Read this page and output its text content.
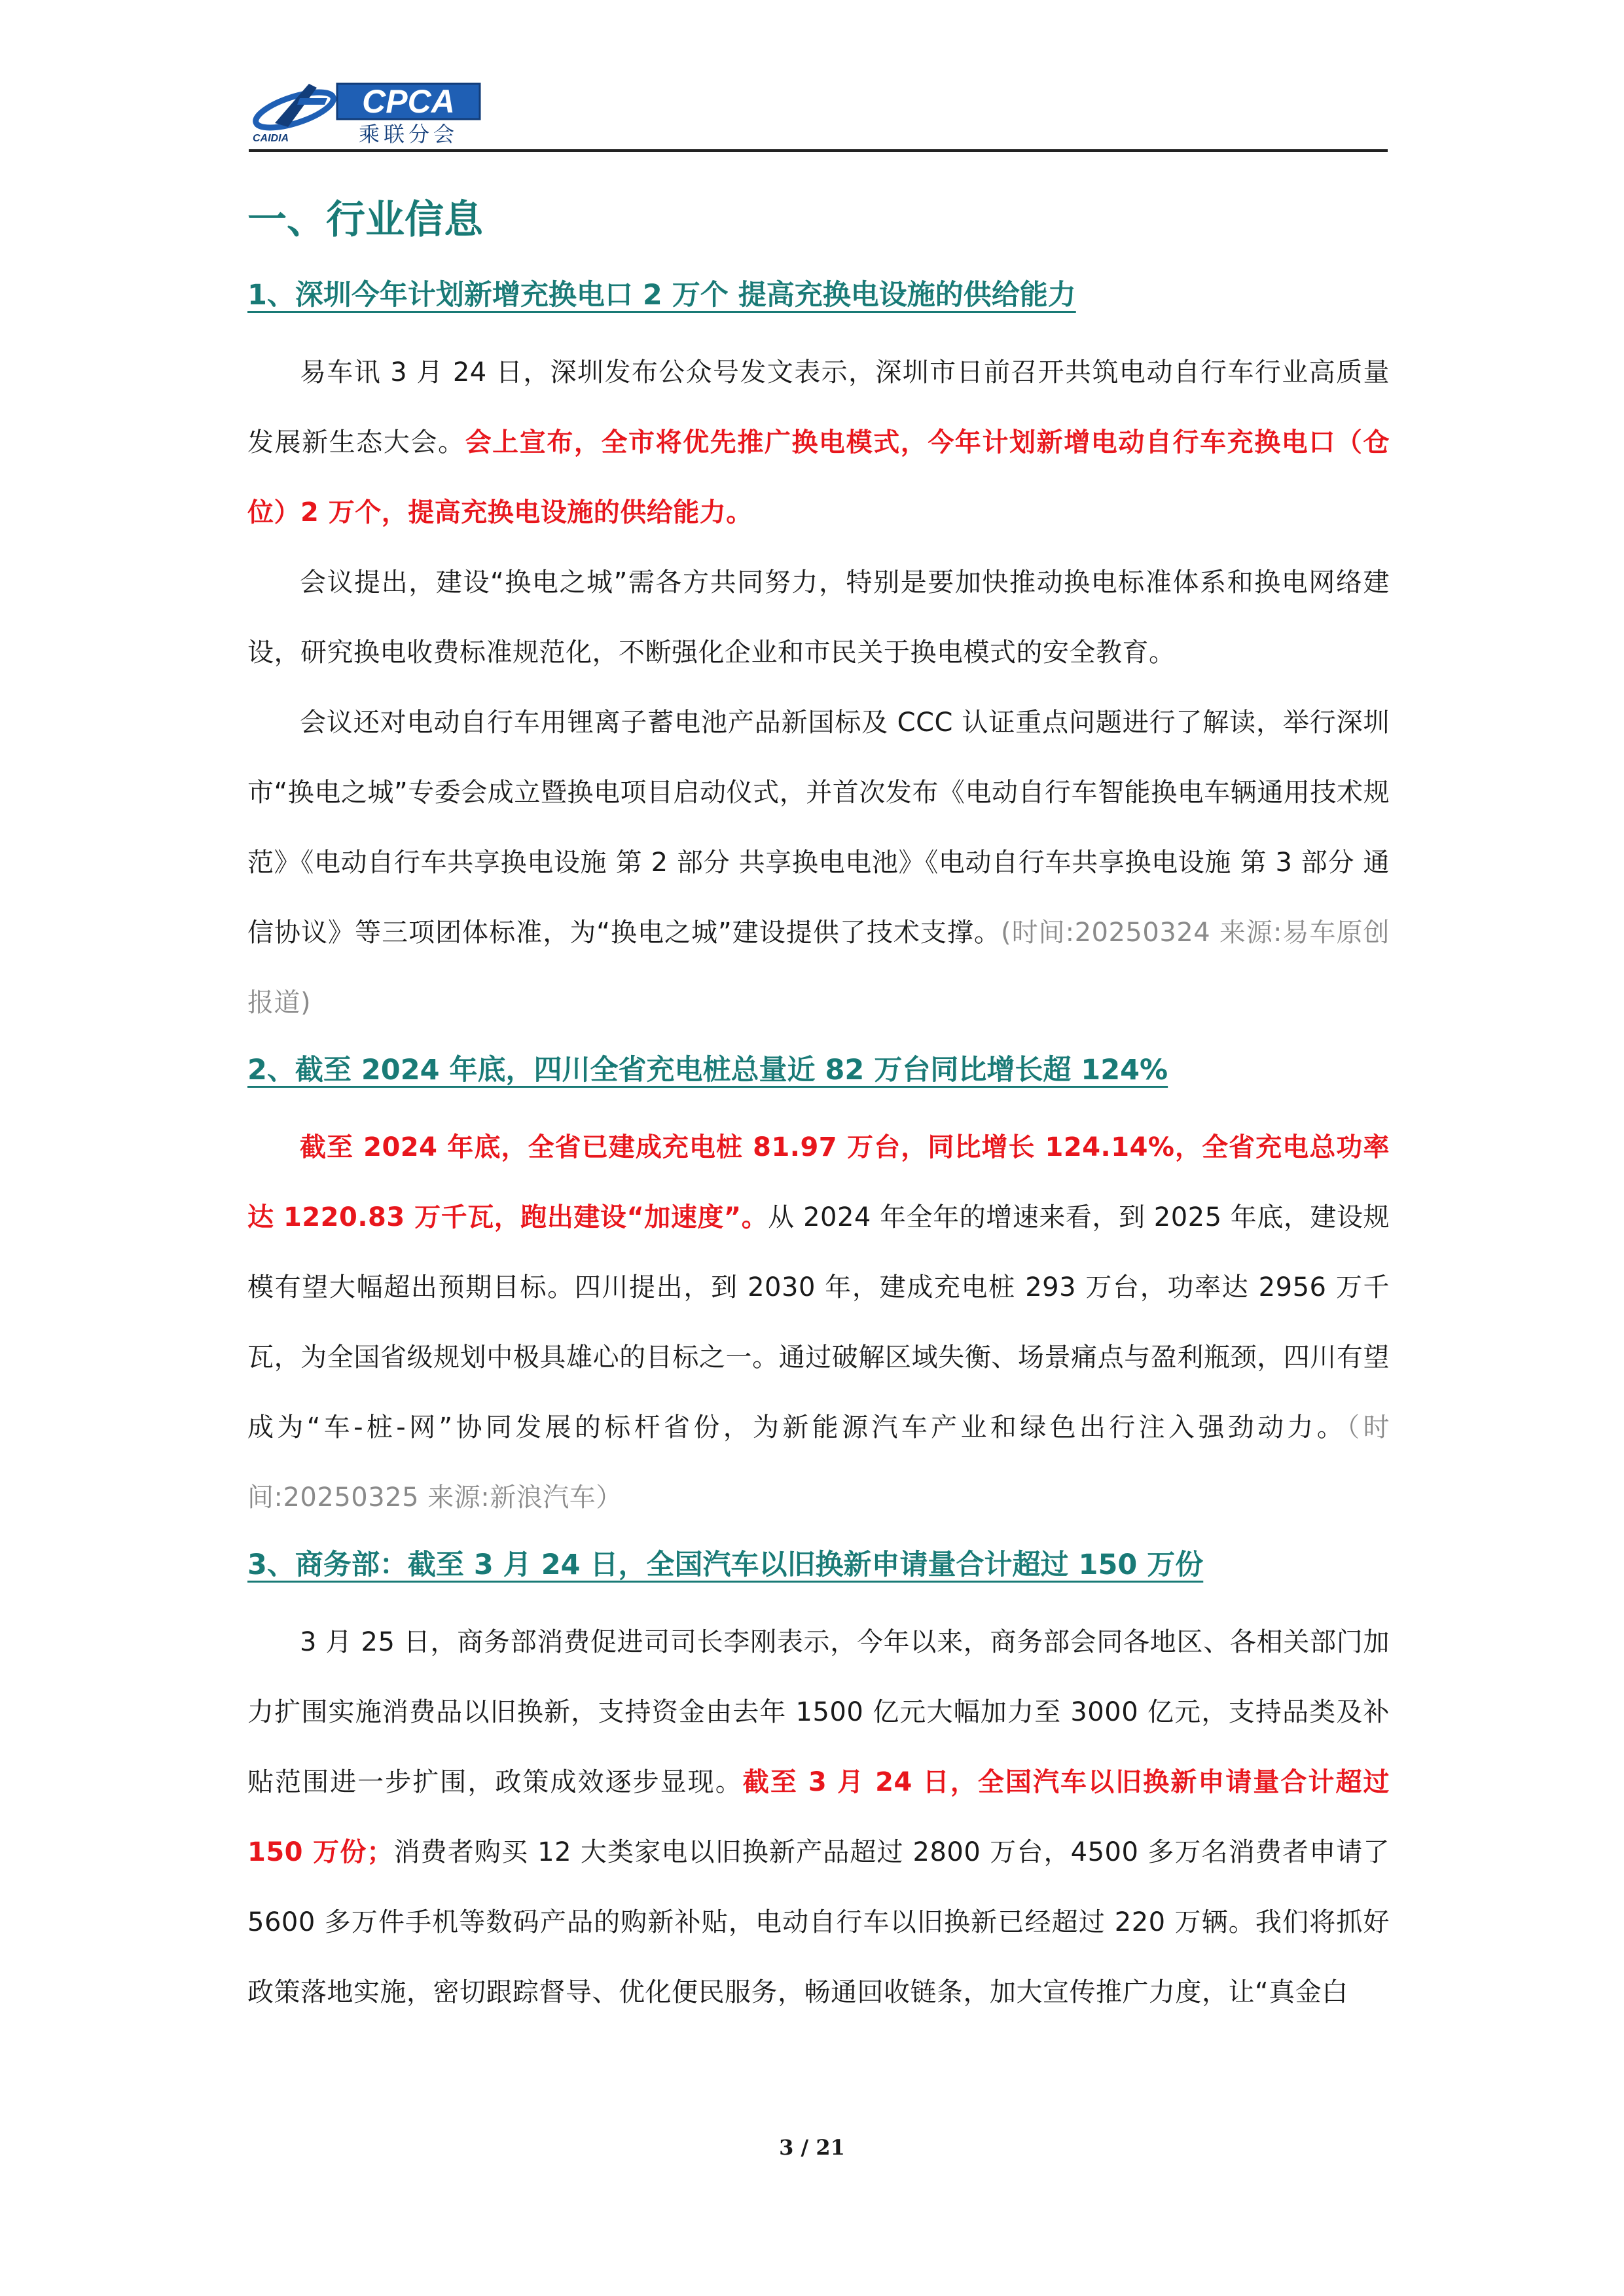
CAIDIA
CPCA
乘联分会
一、行业信息
1、深圳今年计划新增充换电口 2 万个 提高充换电设施的供给能力

易车讯 3 月 24 日，深圳发布公众号发文表示，深圳市日前召开共筑电动自行车行业高质量发展新生态大会。会上宣布，全市将优先推广换电模式，今年计划新增电动自行车充换电口（仓位）2 万个，提高充换电设施的供给能力。

会议提出，建设“换电之城”需各方共同努力，特别是要加快推动换电标准体系和换电网络建设，研究换电收费标准规范化，不断强化企业和市民关于换电模式的安全教育。

会议还对电动自行车用锂离子蓄电池产品新国标及 CCC 认证重点问题进行了解读，举行深圳市“换电之城”专委会成立暨换电项目启动仪式，并首次发布《电动自行车智能换电车辆通用技术规范》《电动自行车共享换电设施 第 2 部分 共享换电电池》《电动自行车共享换电设施 第 3 部分 通信协议》等三项团体标准，为“换电之城”建设提供了技术支撑。(时间:20250324 来源:易车原创报道)

2、截至 2024 年底，四川全省充电桩总量近 82 万台同比增长超 124%

截至 2024 年底，全省已建成充电桩 81.97 万台，同比增长 124.14%，全省充电总功率达 1220.83 万千瓦，跑出建设“加速度”。从 2024 年全年的增速来看，到 2025 年底，建设规模有望大幅超出预期目标。四川提出，到 2030 年，建成充电桩 293 万台，功率达 2956 万千瓦，为全国省级规划中极具雄心的目标之一。通过破解区域失衡、场景痛点与盈利瓶颈，四川有望成为“车-桩-网”协同发展的标杆省份，为新能源汽车产业和绿色出行注入强劲动力。（时间:20250325 来源:新浪汽车）

3、商务部：截至 3 月 24 日，全国汽车以旧换新申请量合计超过 150 万份

3 月 25 日，商务部消费促进司司长李刚表示，今年以来，商务部会同各地区、各相关部门加力扩围实施消费品以旧换新，支持资金由去年 1500 亿元大幅加力至 3000 亿元，支持品类及补贴范围进一步扩围，政策成效逐步显现。截至 3 月 24 日，全国汽车以旧换新申请量合计超过 150 万份；消费者购买 12 大类家电以旧换新产品超过 2800 万台，4500 多万名消费者申请了 5600 多万件手机等数码产品的购新补贴，电动自行车以旧换新已经超过 220 万辆。我们将抓好政策落地实施，密切跟踪督导、优化便民服务，畅通回收链条，加大宣传推广力度，让“真金白

3 / 21
